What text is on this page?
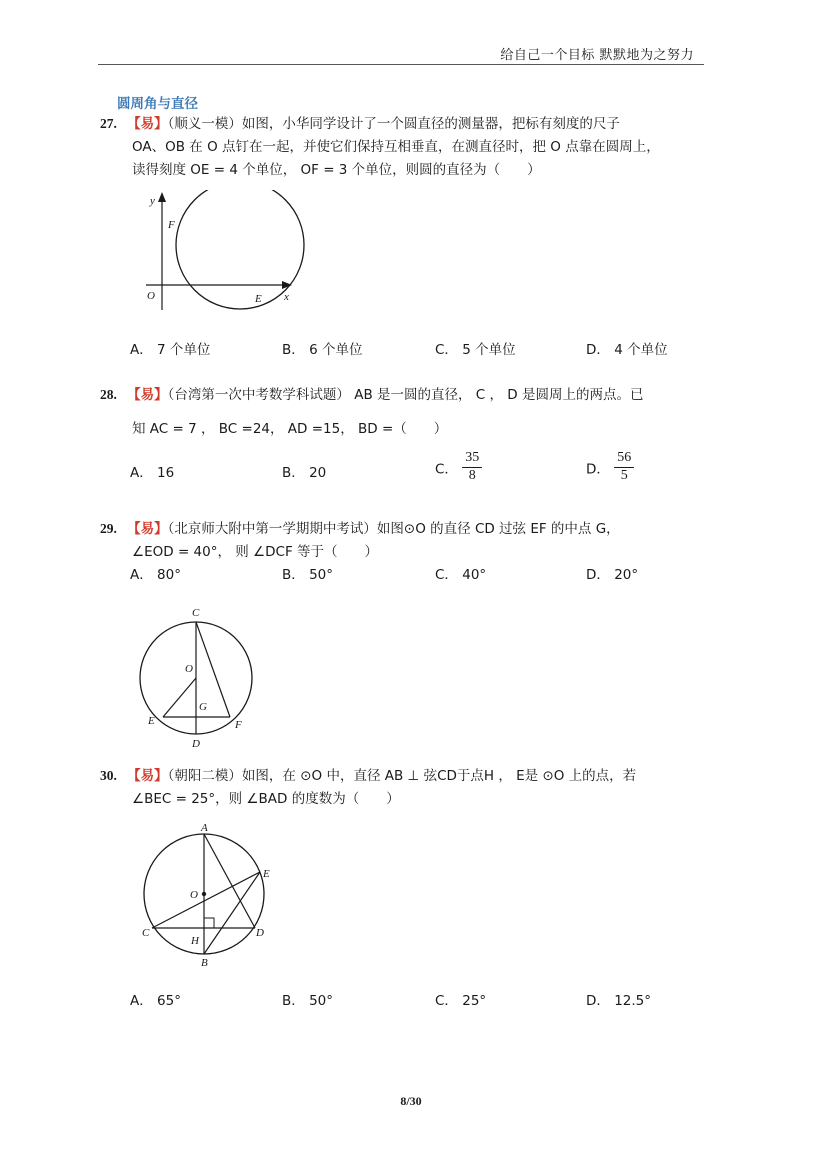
给自己一个目标 默默地为之努力
圆周角与直径
27. 【易】（顺义一模）如图，小华同学设计了一个圆直径的测量器，把标有刻度的尺子
OA、OB 在 O 点钉在一起，并使它们保持互相垂直，在测直径时，把 O 点靠在圆周上，
读得刻度 OE = 4 个单位， OF = 3 个单位，则圆的直径为（　　）
y
x
O
F
E
A． 7 个单位	B． 6 个单位	C． 5 个单位	D． 4 个单位
28. 【易】（台湾第一次中考数学科试题） AB 是一圆的直径， C ， D 是圆周上的两点。已
知 AC = 7 ， BC =24， AD =15， BD =（　　）
A． 16	B． 20	C． $\frac{35}{8}$	D． $\frac{56}{5}$
29. 【易】（北京师大附中第一学期期中考试）如图⊙O 的直径 CD 过弦 EF 的中点 G，
∠EOD = 40°， 则 ∠DCF 等于（　　）
A． 80°	B． 50°	C． 40°	D． 20°
C
O
G
E	F
D
30. 【易】（朝阳二模）如图，在 ⊙O 中，直径 AB ⊥ 弦CD于点H ， E是 ⊙O 上的点，若
∠BEC = 25°，则 ∠BAD 的度数为（　　）
A
E
O
C
H
D
B
A． 65°	B． 50°	C． 25°	D． 12.5°
8/30
